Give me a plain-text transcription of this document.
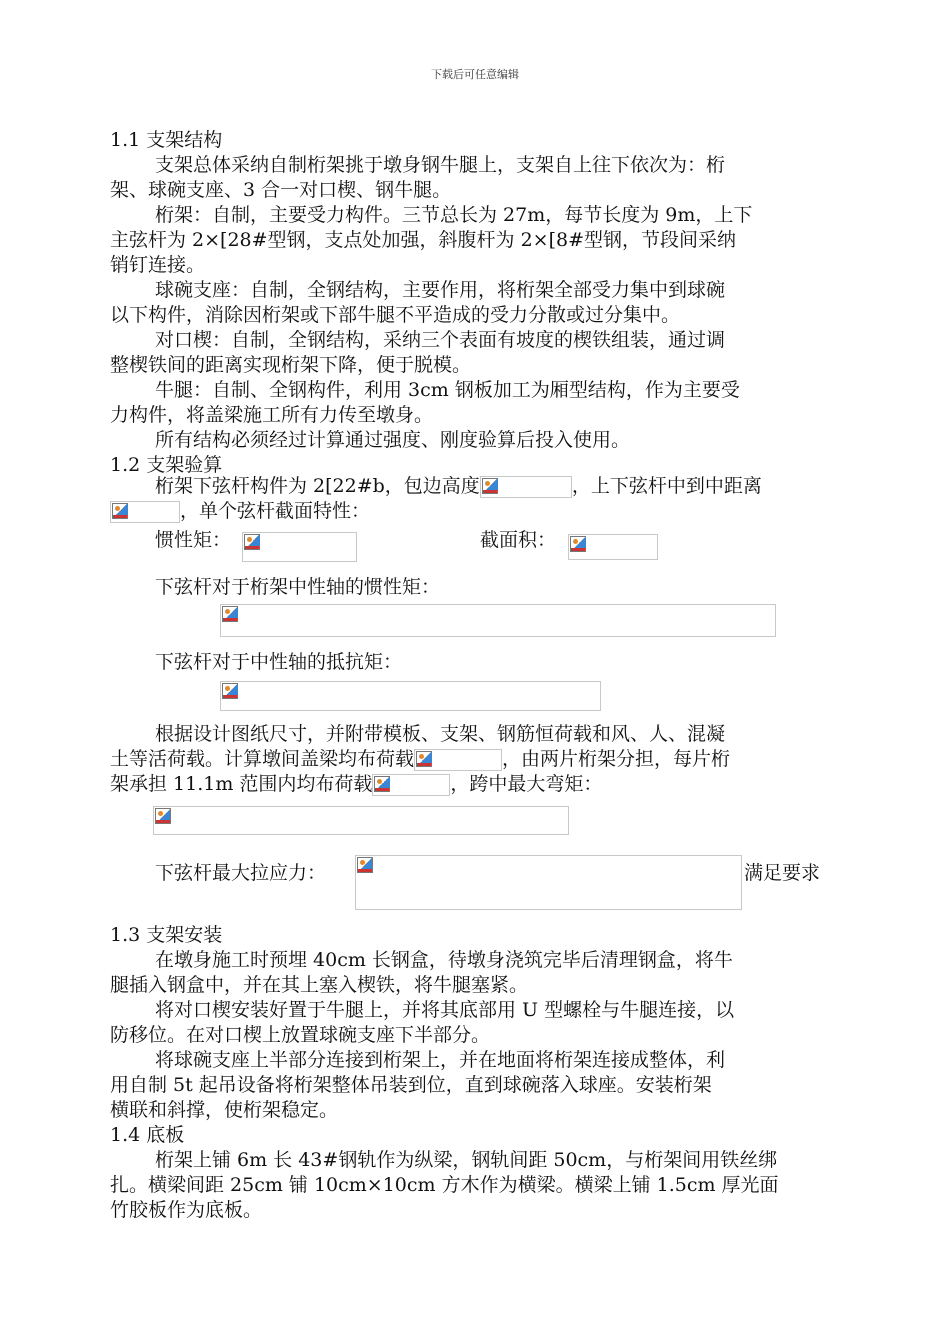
下载后可任意编辑
1.1 支架结构
支架总体采纳自制桁架挑于墩身钢牛腿上，支架自上往下依次为：桁
架、球碗支座、3 合一对口楔、钢牛腿。
桁架：自制，主要受力构件。三节总长为 27m，每节长度为 9m，上下
主弦杆为 2×[28#型钢，支点处加强，斜腹杆为 2×[8#型钢，节段间采纳
销钉连接。
球碗支座：自制，全钢结构，主要作用，将桁架全部受力集中到球碗
以下构件，消除因桁架或下部牛腿不平造成的受力分散或过分集中。
对口楔：自制，全钢结构，采纳三个表面有坡度的楔铁组装，通过调
整楔铁间的距离实现桁架下降，便于脱模。
牛腿：自制、全钢构件，利用 3cm 钢板加工为厢型结构，作为主要受
力构件，将盖梁施工所有力传至墩身。
所有结构必须经过计算通过强度、刚度验算后投入使用。
1.2 支架验算
桁架下弦杆构件为 2[22#b，包边高度	，上下弦杆中到中距离
，单个弦杆截面特性：
惯性矩：	截面积：
下弦杆对于桁架中性轴的惯性矩：
下弦杆对于中性轴的抵抗矩：
根据设计图纸尺寸，并附带模板、支架、钢筋恒荷载和风、人、混凝
土等活荷载。计算墩间盖梁均布荷载	，由两片桁架分担，每片桁
架承担 11.1m 范围内均布荷载	，跨中最大弯矩：
下弦杆最大拉应力：	满足要求
1.3 支架安装
在墩身施工时预埋 40cm 长钢盒，待墩身浇筑完毕后清理钢盒，将牛
腿插入钢盒中，并在其上塞入楔铁，将牛腿塞紧。
将对口楔安装好置于牛腿上，并将其底部用 U 型螺栓与牛腿连接，以
防移位。在对口楔上放置球碗支座下半部分。
将球碗支座上半部分连接到桁架上，并在地面将桁架连接成整体，利
用自制 5t 起吊设备将桁架整体吊装到位，直到球碗落入球座。安装桁架
横联和斜撑，使桁架稳定。
1.4 底板
桁架上铺 6m 长 43#钢轨作为纵梁，钢轨间距 50cm，与桁架间用铁丝绑
扎。横梁间距 25cm 铺 10cm×10cm 方木作为横梁。横梁上铺 1.5cm 厚光面
竹胶板作为底板。
